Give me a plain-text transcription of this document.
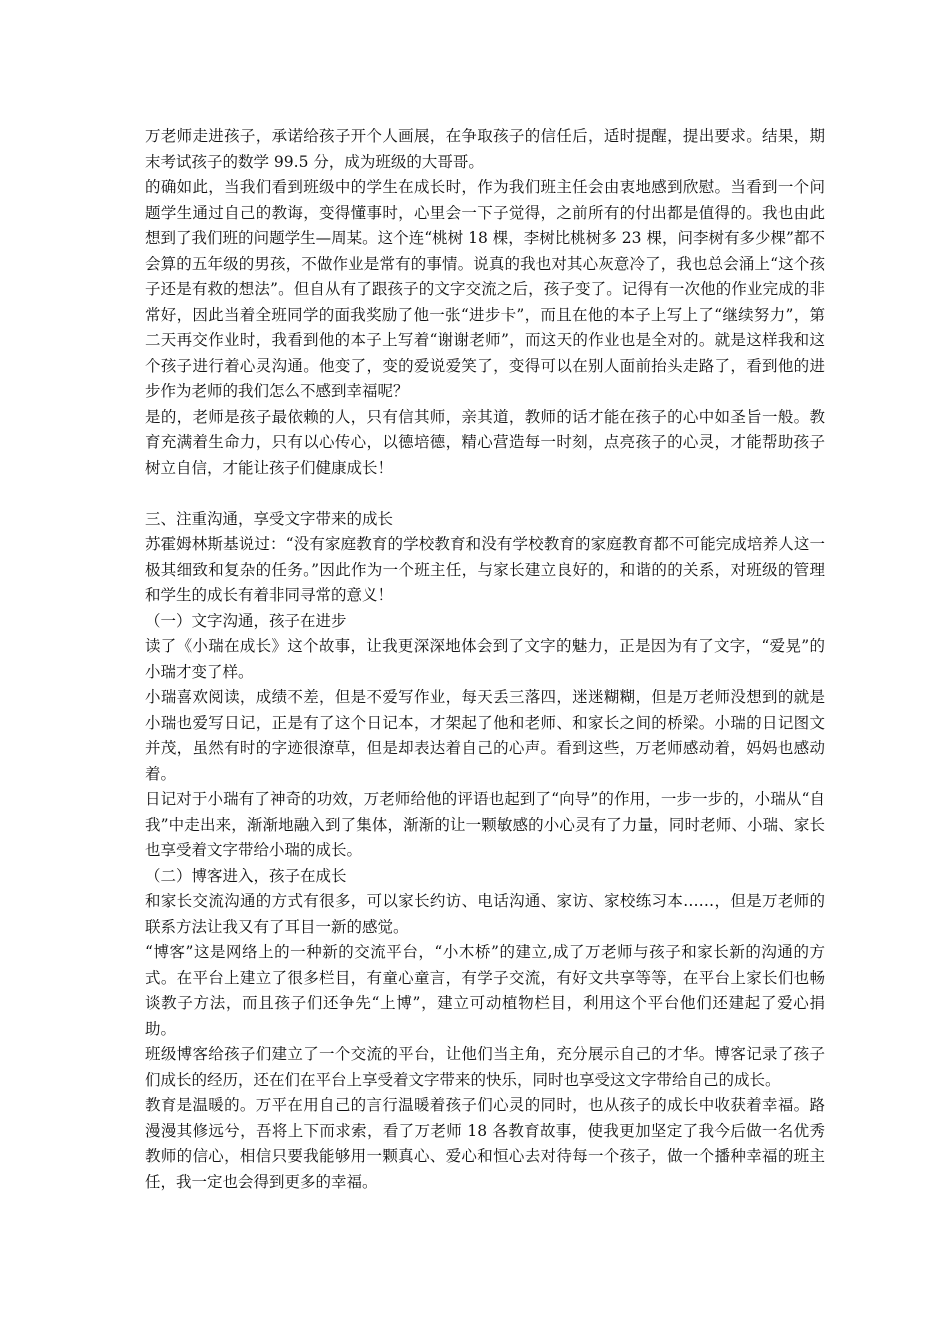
万老师走进孩子，承诺给孩子开个人画展，在争取孩子的信任后，适时提醒，提出要求。结果，期末考试孩子的数学 99.5 分，成为班级的大哥哥。

的确如此，当我们看到班级中的学生在成长时，作为我们班主任会由衷地感到欣慰。当看到一个问题学生通过自己的教诲，变得懂事时，心里会一下子觉得，之前所有的付出都是值得的。我也由此想到了我们班的问题学生—周某。这个连“桃树 18 棵，李树比桃树多 23 棵，问李树有多少棵”都不会算的五年级的男孩，不做作业是常有的事情。说真的我也对其心灰意冷了，我也总会涌上“这个孩子还是有救的想法”。但自从有了跟孩子的文字交流之后，孩子变了。记得有一次他的作业完成的非常好，因此当着全班同学的面我奖励了他一张“进步卡”，而且在他的本子上写上了“继续努力”，第二天再交作业时，我看到他的本子上写着“谢谢老师”，而这天的作业也是全对的。就是这样我和这个孩子进行着心灵沟通。他变了，变的爱说爱笑了，变得可以在别人面前抬头走路了，看到他的进步作为老师的我们怎么不感到幸福呢？

是的，老师是孩子最依赖的人，只有信其师，亲其道，教师的话才能在孩子的心中如圣旨一般。教育充满着生命力，只有以心传心，以德培德，精心营造每一时刻，点亮孩子的心灵，才能帮助孩子树立自信，才能让孩子们健康成长！

三、注重沟通，享受文字带来的成长

苏霍姆林斯基说过：“没有家庭教育的学校教育和没有学校教育的家庭教育都不可能完成培养人这一极其细致和复杂的任务。”因此作为一个班主任，与家长建立良好的，和谐的的关系，对班级的管理和学生的成长有着非同寻常的意义！

（一）文字沟通，孩子在进步

读了《小瑞在成长》这个故事，让我更深深地体会到了文字的魅力，正是因为有了文字，“爱晃”的小瑞才变了样。

小瑞喜欢阅读，成绩不差，但是不爱写作业，每天丢三落四，迷迷糊糊，但是万老师没想到的就是小瑞也爱写日记，正是有了这个日记本，才架起了他和老师、和家长之间的桥梁。小瑞的日记图文并茂，虽然有时的字迹很潦草，但是却表达着自己的心声。看到这些，万老师感动着，妈妈也感动着。

日记对于小瑞有了神奇的功效，万老师给他的评语也起到了“向导”的作用，一步一步的，小瑞从“自我”中走出来，渐渐地融入到了集体，渐渐的让一颗敏感的小心灵有了力量，同时老师、小瑞、家长也享受着文字带给小瑞的成长。

（二）博客进入，孩子在成长

和家长交流沟通的方式有很多，可以家长约访、电话沟通、家访、家校练习本……，但是万老师的联系方法让我又有了耳目一新的感觉。

“博客”这是网络上的一种新的交流平台，“小木桥”的建立,成了万老师与孩子和家长新的沟通的方式。在平台上建立了很多栏目，有童心童言，有学子交流，有好文共享等等，在平台上家长们也畅谈教子方法，而且孩子们还争先“上博”，建立可动植物栏目，利用这个平台他们还建起了爱心捐助。

班级博客给孩子们建立了一个交流的平台，让他们当主角，充分展示自己的才华。博客记录了孩子们成长的经历，还在们在平台上享受着文字带来的快乐，同时也享受这文字带给自己的成长。

教育是温暖的。万平在用自己的言行温暖着孩子们心灵的同时，也从孩子的成长中收获着幸福。路漫漫其修远兮，吾将上下而求索，看了万老师 18 各教育故事，使我更加坚定了我今后做一名优秀教师的信心，相信只要我能够用一颗真心、爱心和恒心去对待每一个孩子，做一个播种幸福的班主任，我一定也会得到更多的幸福。
